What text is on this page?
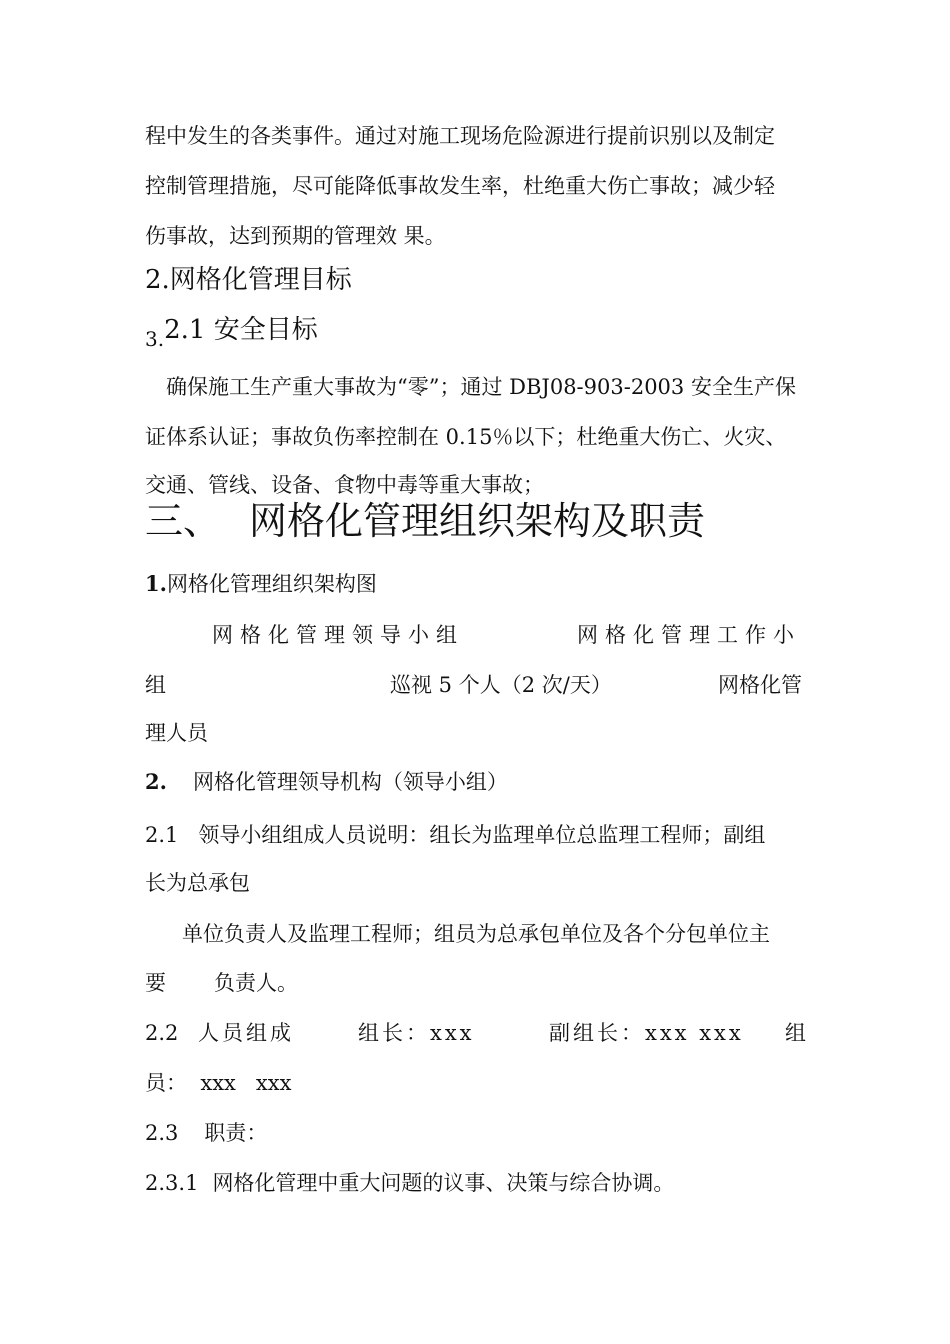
程中发生的各类事件。通过对施工现场危险源进行提前识别以及制定
控制管理措施，尽可能降低事故发生率，杜绝重大伤亡事故；减少轻
伤事故，达到预期的管理效 果。
2.网格化管理目标
$_{3.}$2.1 安全目标
确保施工生产重大事故为“零”；通过 DBJ08-903-2003 安全生产保
证体系认证；事故负伤率控制在 0.15％以下；杜绝重大伤亡、火灾、
交通、管线、设备、食物中毒等重大事故；
三、 网格化管理组织架构及职责
1.网格化管理组织架构图
网格化管理领导小组	网格化管理工作小
组	巡视 5 个人（2 次/天）	网格化管
理人员
2. 网格化管理领导机构（领导小组）
2.1 领导小组组成人员说明：组长为监理单位总监理工程师；副组
长为总承包
单位负责人及监理工程师；组员为总承包单位及各个分包单位主
要 负责人。
2.2 人员组成	组长：xxx	副组长：xxx xxx 组
员：  xxx   xxx
2.3 职责：
2.3.1 网格化管理中重大问题的议事、决策与综合协调。
